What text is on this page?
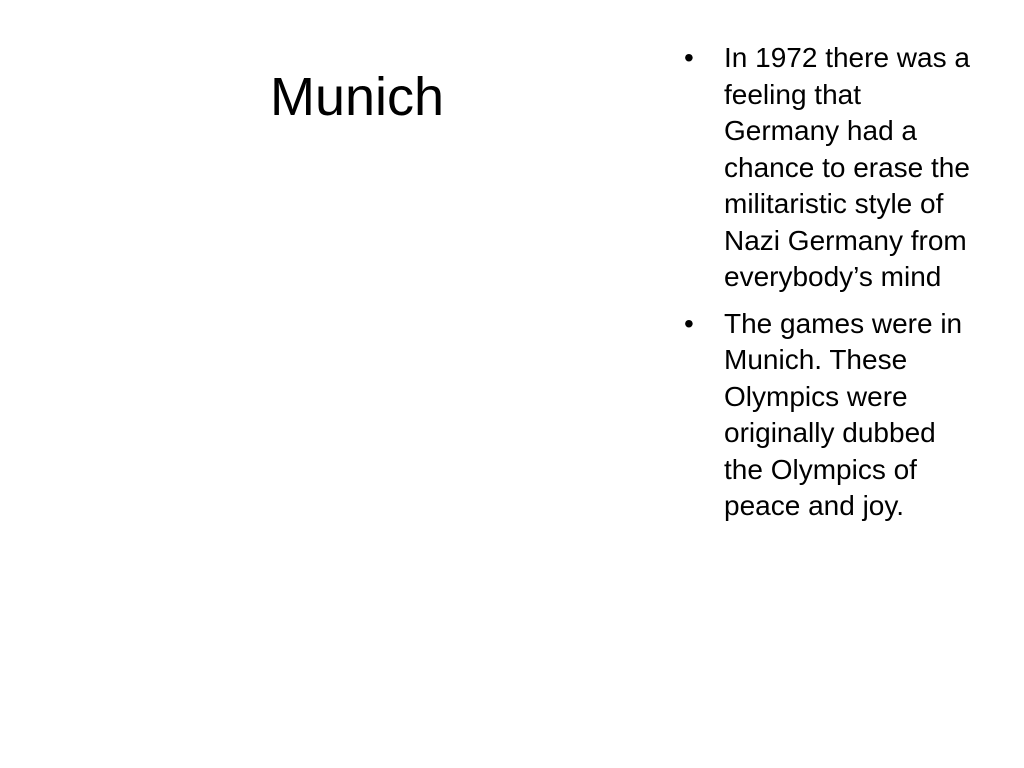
Munich
•	In 1972 there was a feeling that Germany had a chance to erase the militaristic style of Nazi Germany from everybody’s mind
•	The games were in Munich. These Olympics were originally dubbed the Olympics of peace and joy.
